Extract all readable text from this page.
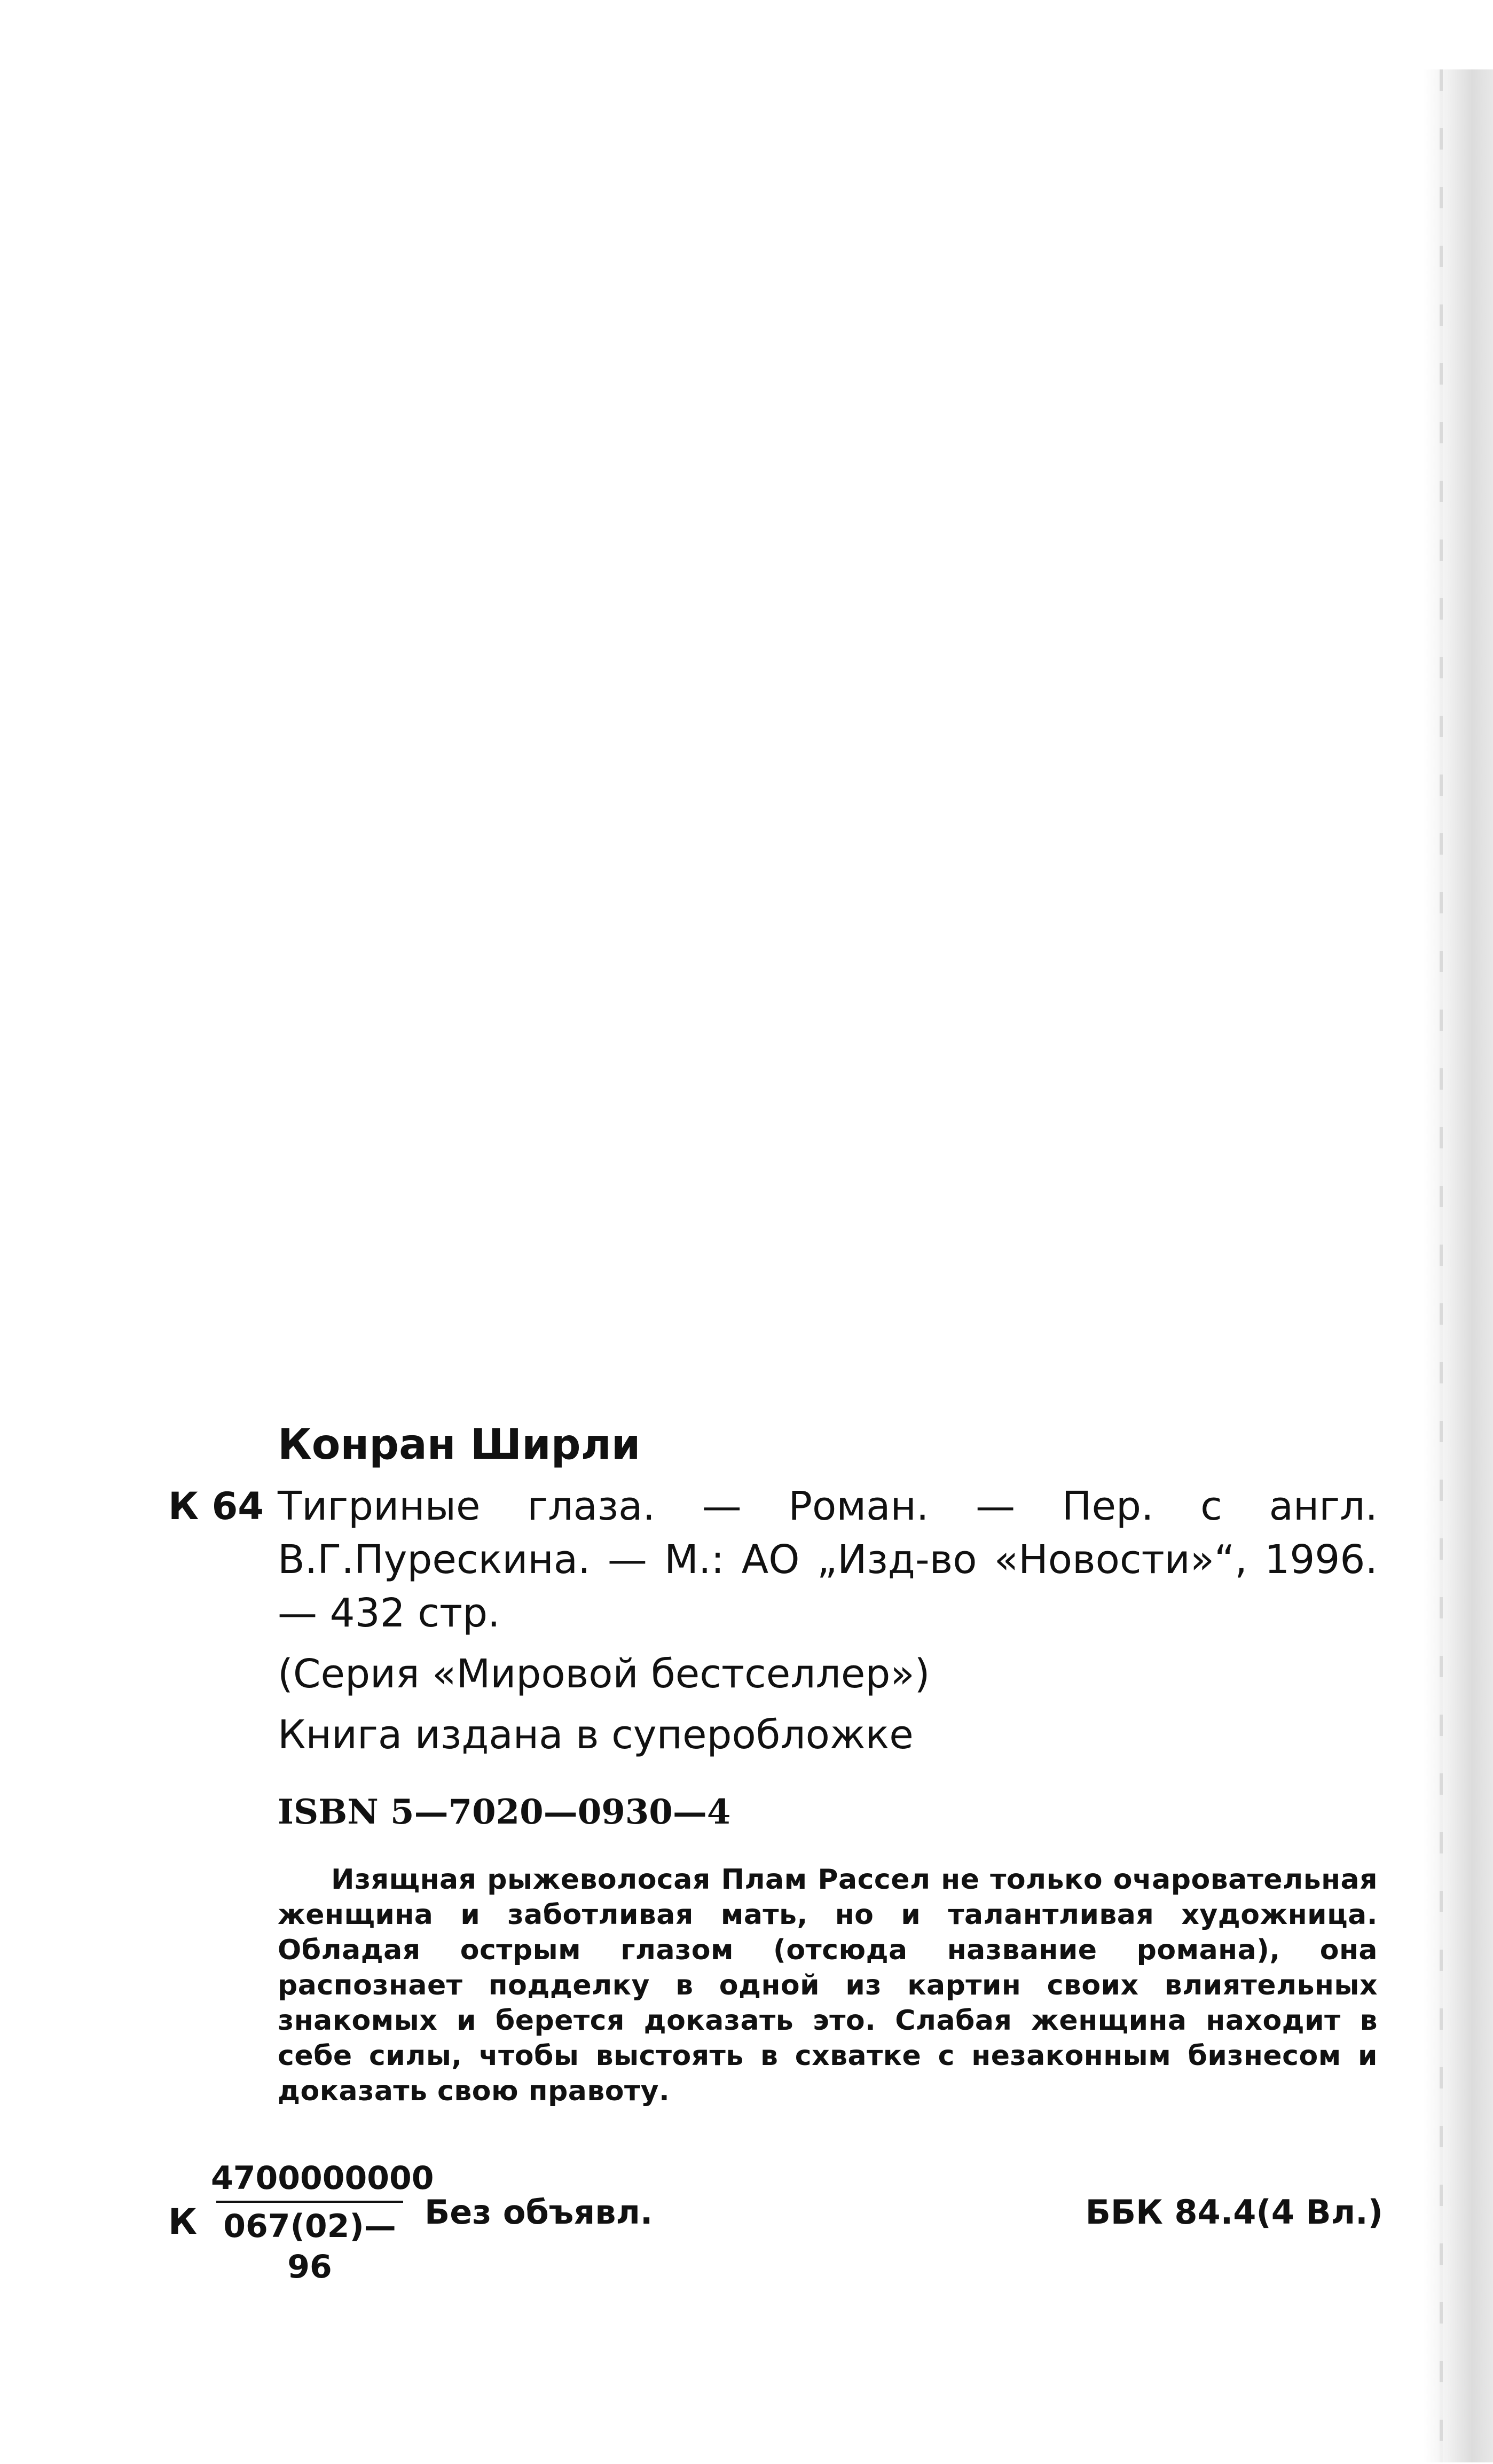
Конран Ширли

К 64 Тигриные глаза. — Роман. — Пер. с англ. В.Г.Пурескина. — М.: АО „Изд-во «Новости»“, 1996. — 432 стр.

(Серия «Мировой бестселлер»)

Книга издана в суперобложке

ISBN 5—7020—0930—4

Изящная рыжеволосая Плам Рассел не только очаровательная женщина и заботливая мать, но и талантливая художница. Обладая острым глазом (отсюда название романа), она распознает подделку в одной из картин своих влиятельных знакомых и берется доказать это. Слабая женщина находит в себе силы, чтобы выстоять в схватке с незаконным бизнесом и доказать свою правоту.

К
4700000000
067(02)—96
Без объявл.	ББК 84.4(4 Вл.)
